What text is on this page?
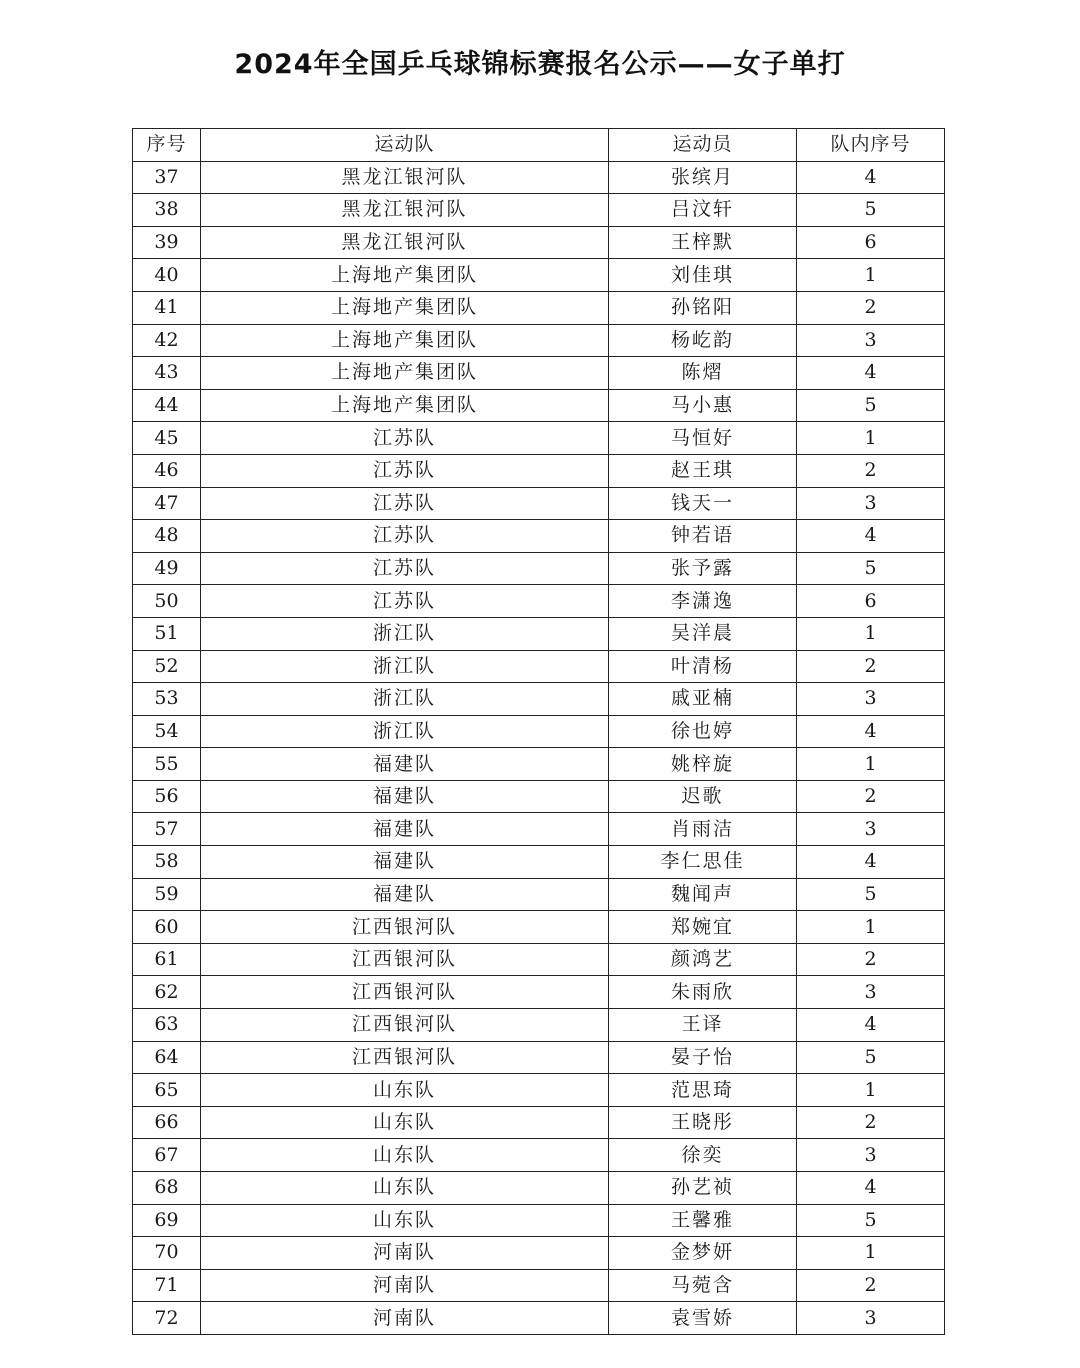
2024年全国乒乓球锦标赛报名公示——女子单打
序号	运动队	运动员	队内序号
37	黑龙江银河队	张缤月	4
38	黑龙江银河队	吕汶轩	5
39	黑龙江银河队	王梓默	6
40	上海地产集团队	刘佳琪	1
41	上海地产集团队	孙铭阳	2
42	上海地产集团队	杨屹韵	3
43	上海地产集团队	陈熠	4
44	上海地产集团队	马小惠	5
45	江苏队	马恒好	1
46	江苏队	赵王琪	2
47	江苏队	钱天一	3
48	江苏队	钟若语	4
49	江苏队	张予露	5
50	江苏队	李潇逸	6
51	浙江队	吴洋晨	1
52	浙江队	叶清杨	2
53	浙江队	戚亚楠	3
54	浙江队	徐也婷	4
55	福建队	姚梓旋	1
56	福建队	迟歌	2
57	福建队	肖雨洁	3
58	福建队	李仁思佳	4
59	福建队	魏闻声	5
60	江西银河队	郑婉宜	1
61	江西银河队	颜鸿艺	2
62	江西银河队	朱雨欣	3
63	江西银河队	王译	4
64	江西银河队	晏子怡	5
65	山东队	范思琦	1
66	山东队	王晓彤	2
67	山东队	徐奕	3
68	山东队	孙艺祯	4
69	山东队	王馨雅	5
70	河南队	金梦妍	1
71	河南队	马菀含	2
72	河南队	袁雪娇	3
